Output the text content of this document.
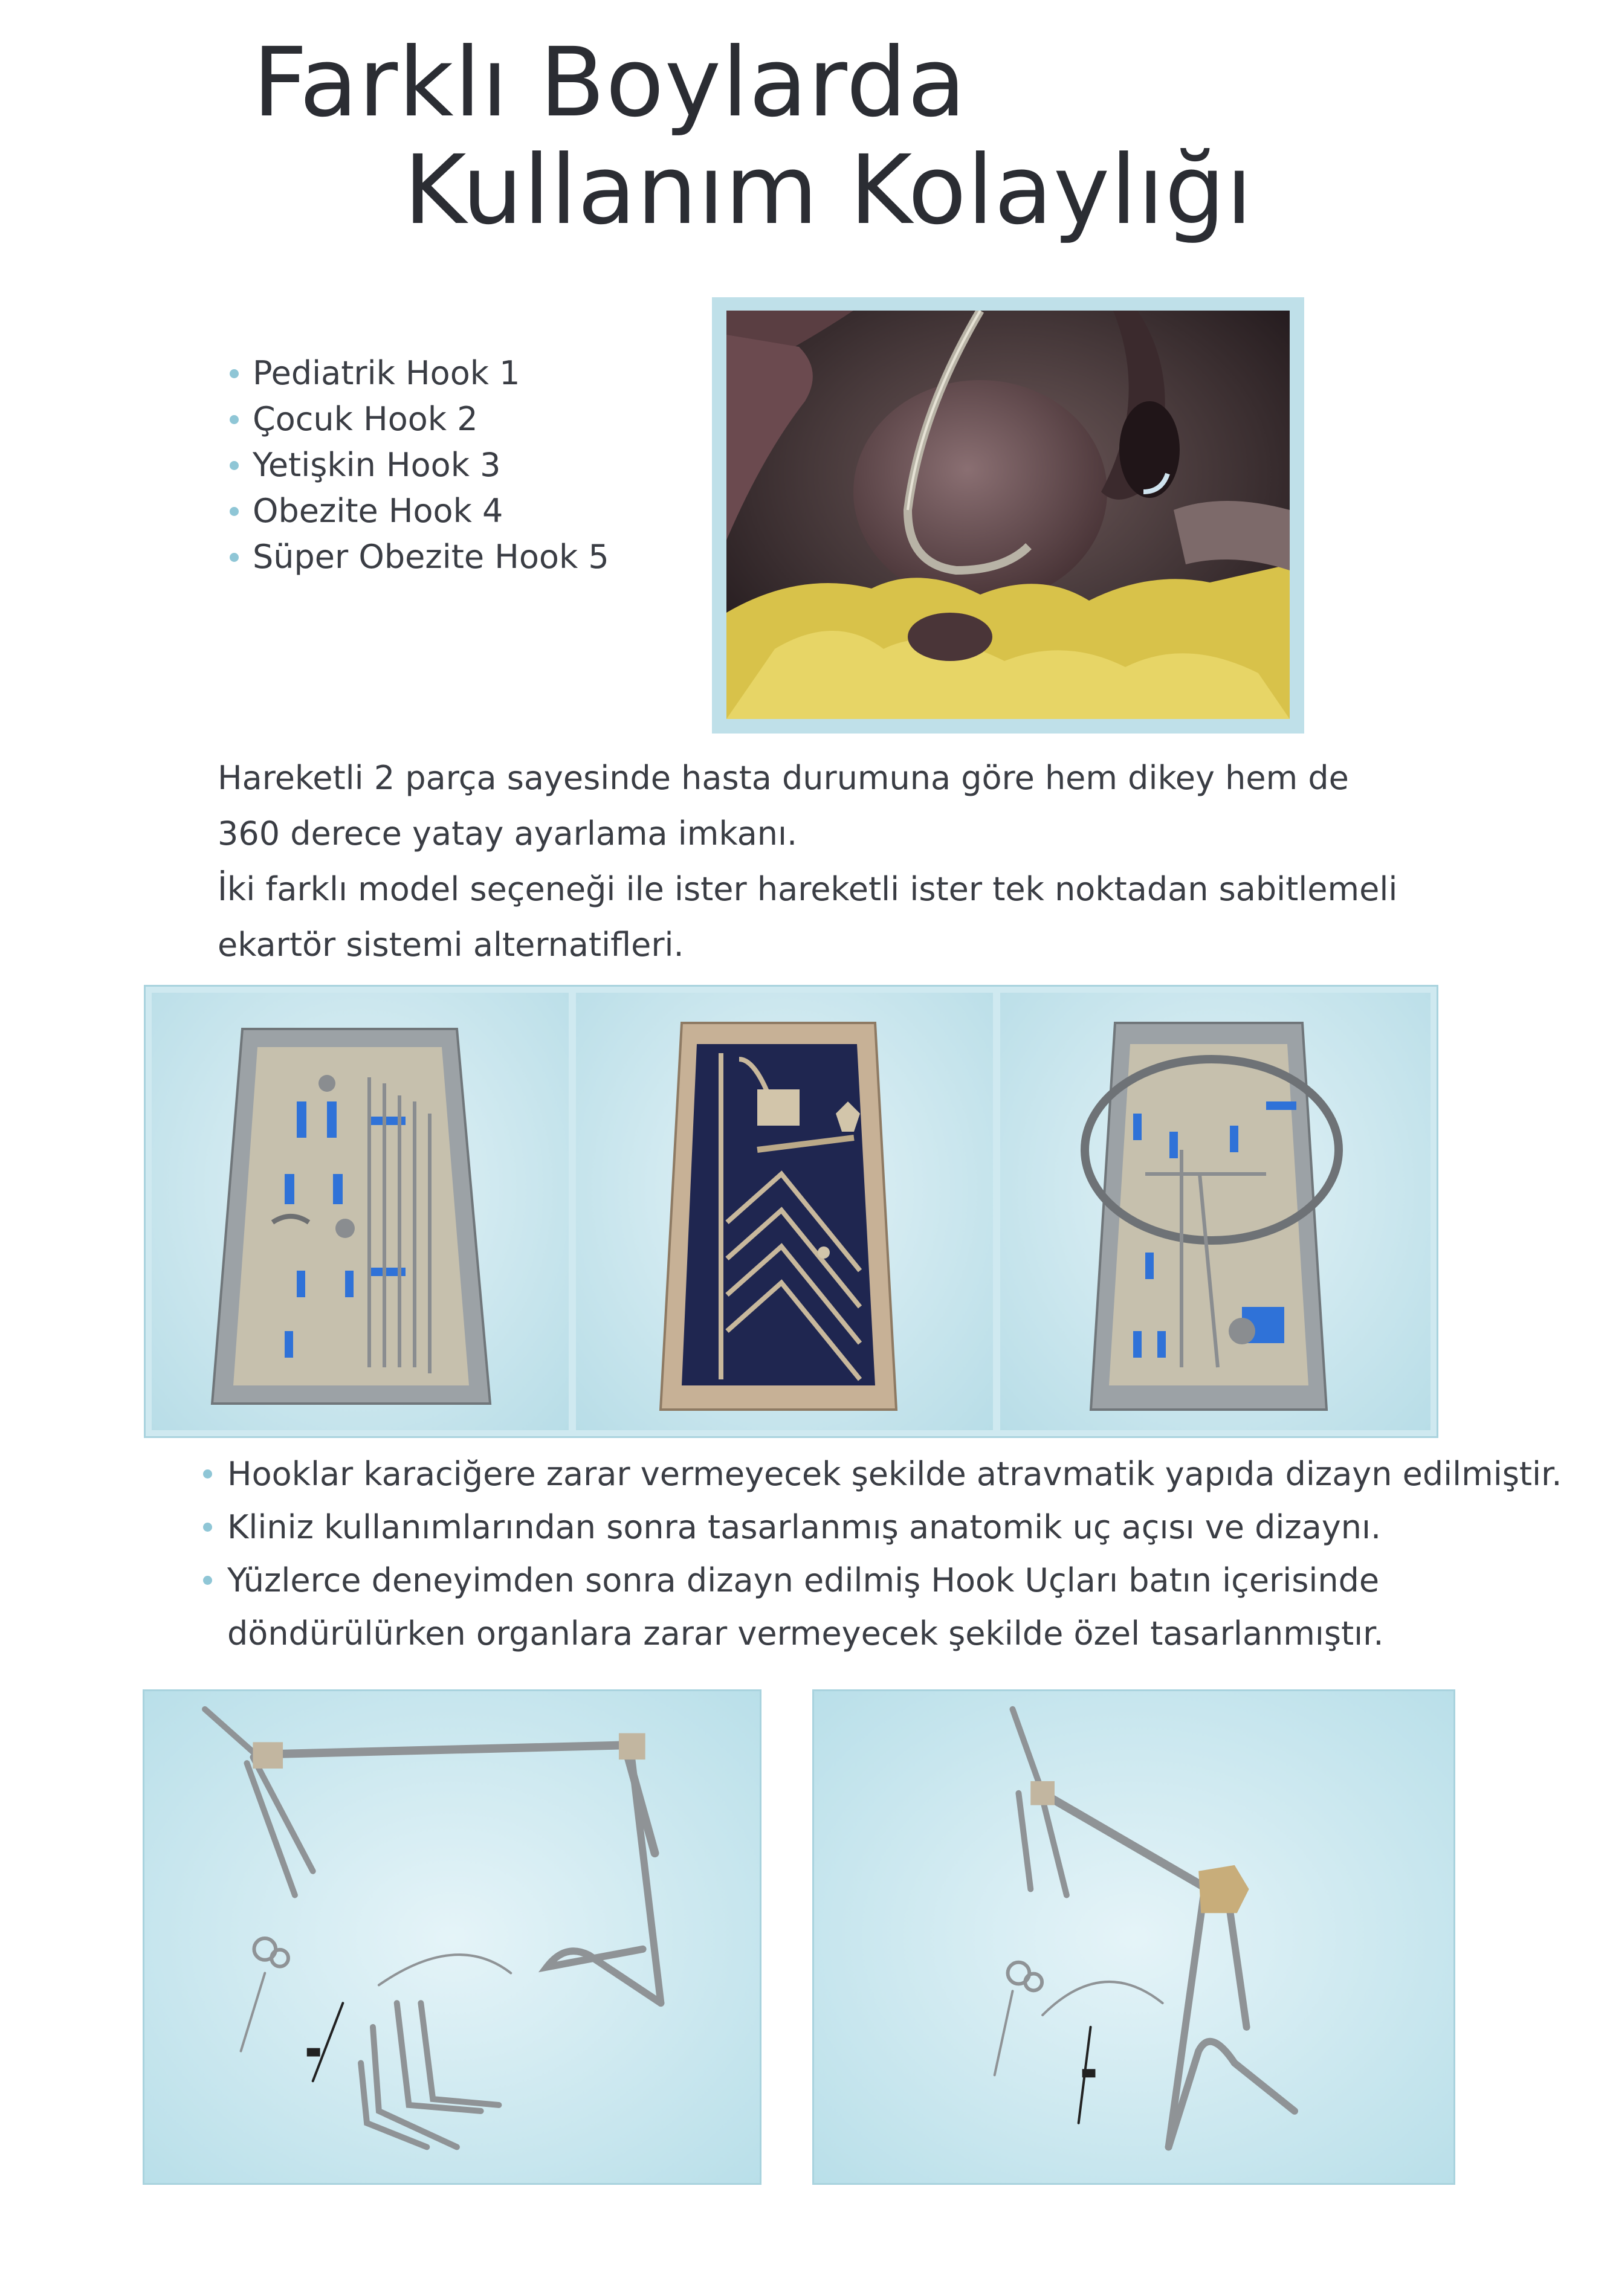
Farklı Boylarda
Kullanım Kolaylığı
Pediatrik Hook 1
Çocuk Hook 2
Yetişkin Hook 3
Obezite Hook 4
Süper Obezite Hook 5

Hareketli 2 parça sayesinde hasta durumuna göre hem dikey hem de
360 derece yatay ayarlama imkanı.

İki farklı model seçeneği ile ister hareketli ister tek noktadan sabitlemeli
ekartör sistemi alternatifleri.

Hooklar karaciğere zarar vermeyecek şekilde atravmatik yapıda dizayn edilmiştir.
Kliniz kullanımlarından sonra tasarlanmış anatomik uç açısı ve dizaynı.
Yüzlerce deneyimden sonra dizayn edilmiş Hook Uçları batın içerisinde
döndürülürken organlara zarar vermeyecek şekilde özel tasarlanmıştır.
